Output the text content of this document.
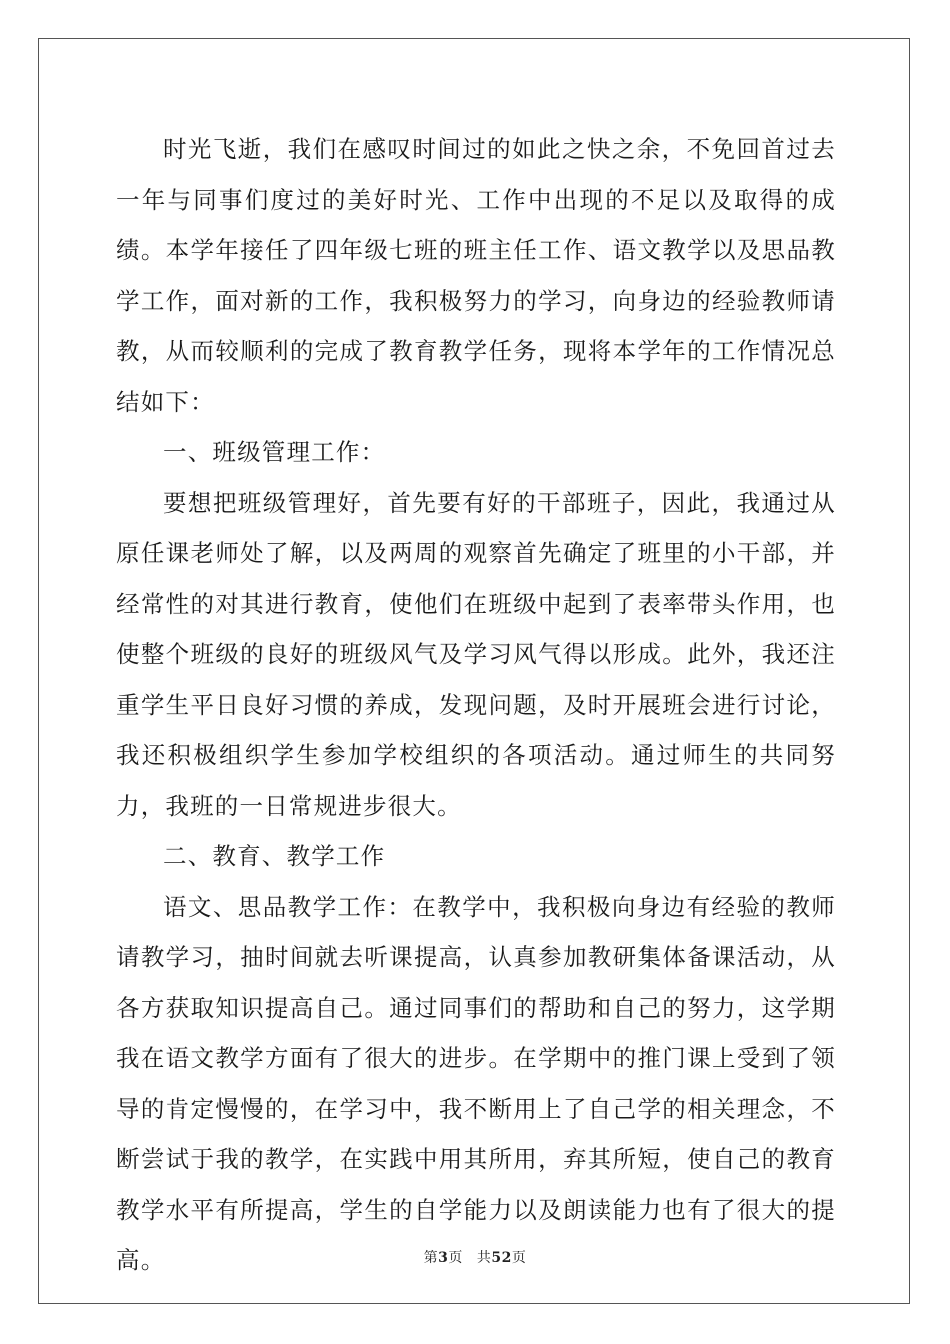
时光飞逝，我们在感叹时间过的如此之快之余，不免回首过去一年与同事们度过的美好时光、工作中出现的不足以及取得的成绩。本学年接任了四年级七班的班主任工作、语文教学以及思品教学工作，面对新的工作，我积极努力的学习，向身边的经验教师请教，从而较顺利的完成了教育教学任务，现将本学年的工作情况总结如下：

一、班级管理工作：

要想把班级管理好，首先要有好的干部班子，因此，我通过从原任课老师处了解，以及两周的观察首先确定了班里的小干部，并经常性的对其进行教育，使他们在班级中起到了表率带头作用，也使整个班级的良好的班级风气及学习风气得以形成。此外，我还注重学生平日良好习惯的养成，发现问题，及时开展班会进行讨论，我还积极组织学生参加学校组织的各项活动。通过师生的共同努力，我班的一日常规进步很大。

二、教育、教学工作

语文、思品教学工作：在教学中，我积极向身边有经验的教师请教学习，抽时间就去听课提高，认真参加教研集体备课活动，从各方获取知识提高自己。通过同事们的帮助和自己的努力，这学期我在语文教学方面有了很大的进步。在学期中的推门课上受到了领导的肯定慢慢的，在学习中，我不断用上了自己学的相关理念，不断尝试于我的教学，在实践中用其所用，弃其所短，使自己的教育教学水平有所提高，学生的自学能力以及朗读能力也有了很大的提高。	第3页 共52页
